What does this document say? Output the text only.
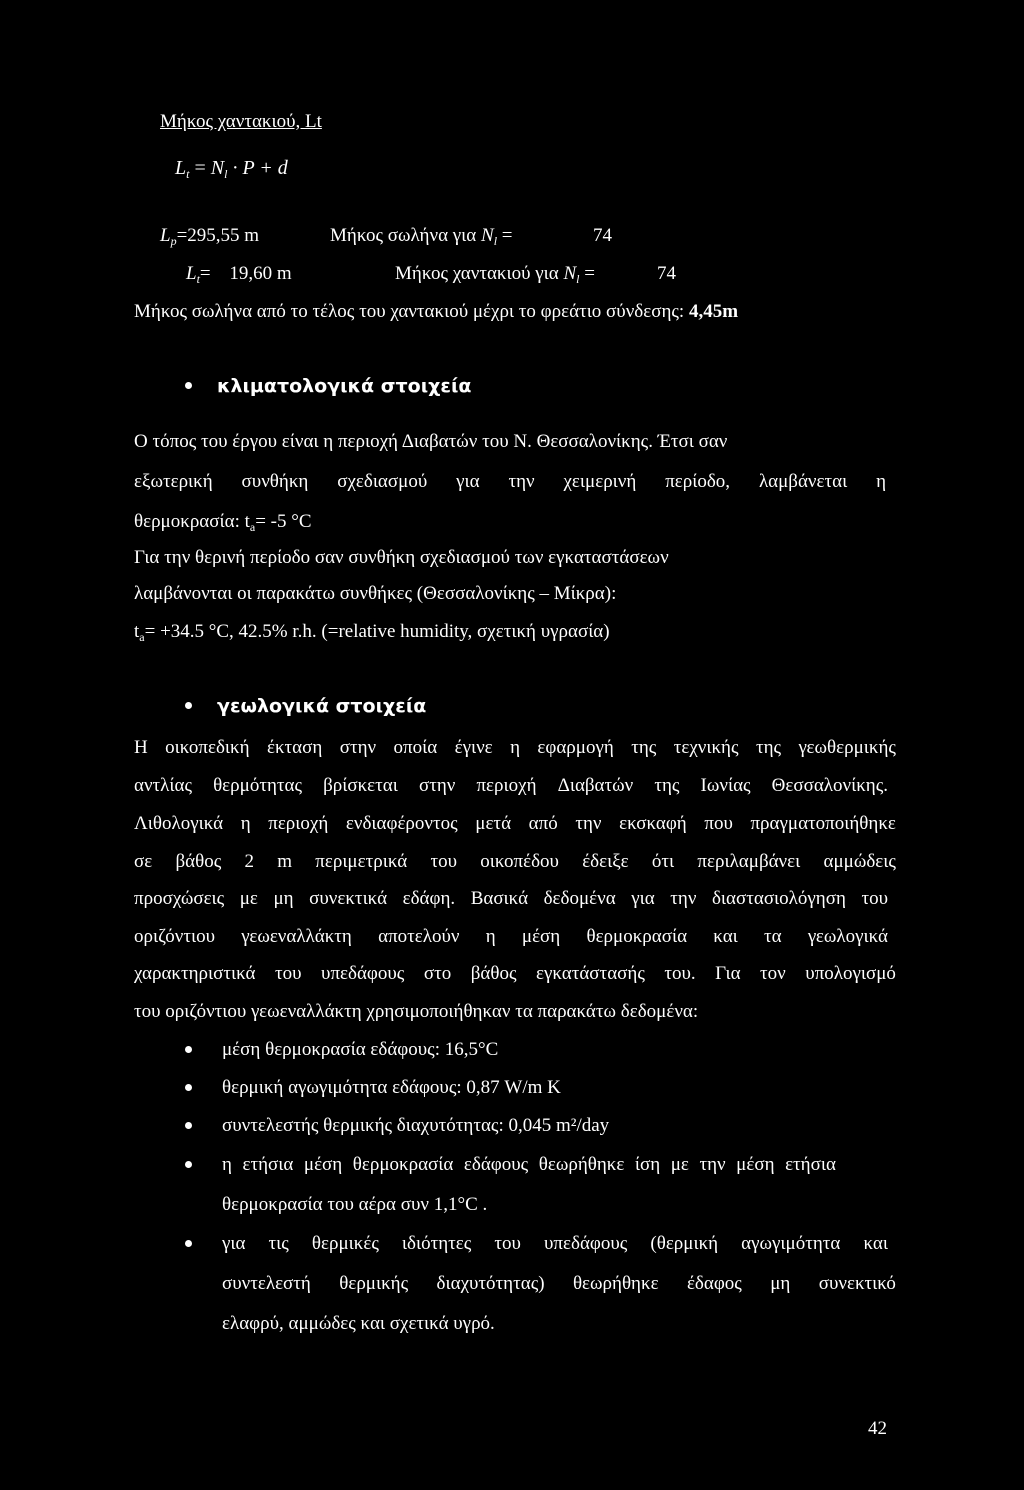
Μήκος χαντακιού, Lt
$L_t = N_l \cdot P + d$
$L_p=295,55$ m	Μήκος σωλήνα για $N_l$ =	74
$L_t= 19,60$ m	Μήκος χαντακιού για $N_l$ =	74
Μήκος σωλήνα από το τέλος του χαντακιού μέχρι το φρεάτιο σύνδεσης: 4,45m
κλιματολογικά στοιχεία
Ο τόπος του έργου είναι η περιοχή Διαβατών του Ν. Θεσσαλονίκης. Έτσι σαν
εξωτερική συνθήκη σχεδιασμού για την χειμερινή περίοδο, λαμβάνεται η
θερμοκρασία: $t_a= -5$ °C
Για την θερινή περίοδο σαν συνθήκη σχεδιασμού των εγκαταστάσεων
λαμβάνονται οι παρακάτω συνθήκες (Θεσσαλονίκης – Μίκρα):
$t_a= +34.5$ °C, 42.5% r.h. (=relative humidity, σχετική υγρασία)
γεωλογικά στοιχεία
Η οικοπεδική έκταση στην οποία έγινε η εφαρμογή της τεχνικής της γεωθερμικής
αντλίας θερμότητας βρίσκεται στην περιοχή Διαβατών της Ιωνίας Θεσσαλονίκης.
Λιθολογικά η περιοχή ενδιαφέροντος μετά από την εκσκαφή που πραγματοποιήθηκε
σε βάθος 2 m περιμετρικά του οικοπέδου έδειξε ότι περιλαμβάνει αμμώδεις
προσχώσεις με μη συνεκτικά εδάφη. Βασικά δεδομένα για την διαστασιολόγηση του
οριζόντιου γεωεναλλάκτη αποτελούν η μέση θερμοκρασία και τα γεωλογικά
χαρακτηριστικά του υπεδάφους στο βάθος εγκατάστασής του. Για τον υπολογισμό
του οριζόντιου γεωεναλλάκτη χρησιμοποιήθηκαν τα παρακάτω δεδομένα:
μέση θερμοκρασία εδάφους: 16,5°C
θερμική αγωγιμότητα εδάφους: 0,87 W/m K
συντελεστής θερμικής διαχυτότητας: 0,045 m²/day
η ετήσια μέση θερμοκρασία εδάφους θεωρήθηκε ίση με την μέση ετήσια
θερμοκρασία του αέρα συν 1,1°C .
για τις θερμικές ιδιότητες του υπεδάφους (θερμική αγωγιμότητα και
συντελεστή θερμικής διαχυτότητας) θεωρήθηκε έδαφος μη συνεκτικό
ελαφρύ, αμμώδες και σχετικά υγρό.
42
